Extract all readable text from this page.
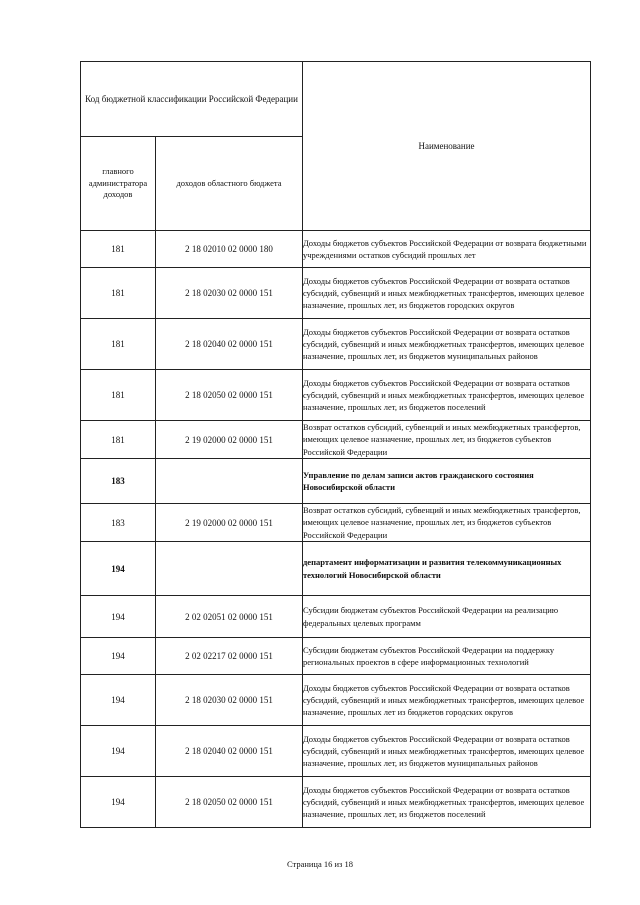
Код бюджетной классификации Российской Федерации		Наименование
главного администратора доходов	доходов областного бюджета	
181	2 18 02010 02 0000 180	Доходы бюджетов субъектов Российской Федерации от возврата бюджетными учреждениями остатков субсидий прошлых лет
181	2 18 02030 02 0000 151	Доходы бюджетов субъектов Российской Федерации от возврата остатков субсидий, субвенций и иных межбюджетных трансфертов, имеющих целевое назначение, прошлых лет, из бюджетов городских округов
181	2 18 02040 02 0000 151	Доходы бюджетов субъектов Российской Федерации от возврата остатков субсидий, субвенций и иных межбюджетных трансфертов, имеющих целевое назначение, прошлых лет, из бюджетов муниципальных районов
181	2 18 02050 02 0000 151	Доходы бюджетов субъектов Российской Федерации от возврата остатков субсидий, субвенций и иных межбюджетных трансфертов, имеющих целевое назначение, прошлых лет, из бюджетов поселений
181	2 19 02000 02 0000 151	Возврат остатков субсидий, субвенций и иных межбюджетных трансфертов, имеющих целевое назначение, прошлых лет, из бюджетов субъектов Российской Федерации
183		Управление по делам записи актов гражданского состояния Новосибирской области
183	2 19 02000 02 0000 151	Возврат остатков субсидий, субвенций и иных межбюджетных трансфертов, имеющих целевое назначение, прошлых лет, из бюджетов субъектов Российской Федерации
194		департамент информатизации и развития телекоммуникационных технологий Новосибирской области
194	2 02 02051 02 0000 151	Субсидии бюджетам субъектов Российской Федерации на реализацию федеральных целевых программ
194	2 02 02217 02 0000 151	Субсидии бюджетам субъектов Российской Федерации на поддержку региональных проектов в сфере информационных технологий
194	2 18 02030 02 0000 151	Доходы бюджетов субъектов Российской Федерации от возврата остатков субсидий, субвенций и иных межбюджетных трансфертов, имеющих целевое назначение, прошлых лет из бюджетов городских округов
194	2 18 02040 02 0000 151	Доходы бюджетов субъектов Российской Федерации от возврата остатков субсидий, субвенций и иных межбюджетных трансфертов, имеющих целевое назначение, прошлых лет, из бюджетов муниципальных районов
194	2 18 02050 02 0000 151	Доходы бюджетов субъектов Российской Федерации от возврата остатков субсидий, субвенций и иных межбюджетных трансфертов, имеющих целевое назначение, прошлых лет, из бюджетов поселений
Страница 16 из 18
